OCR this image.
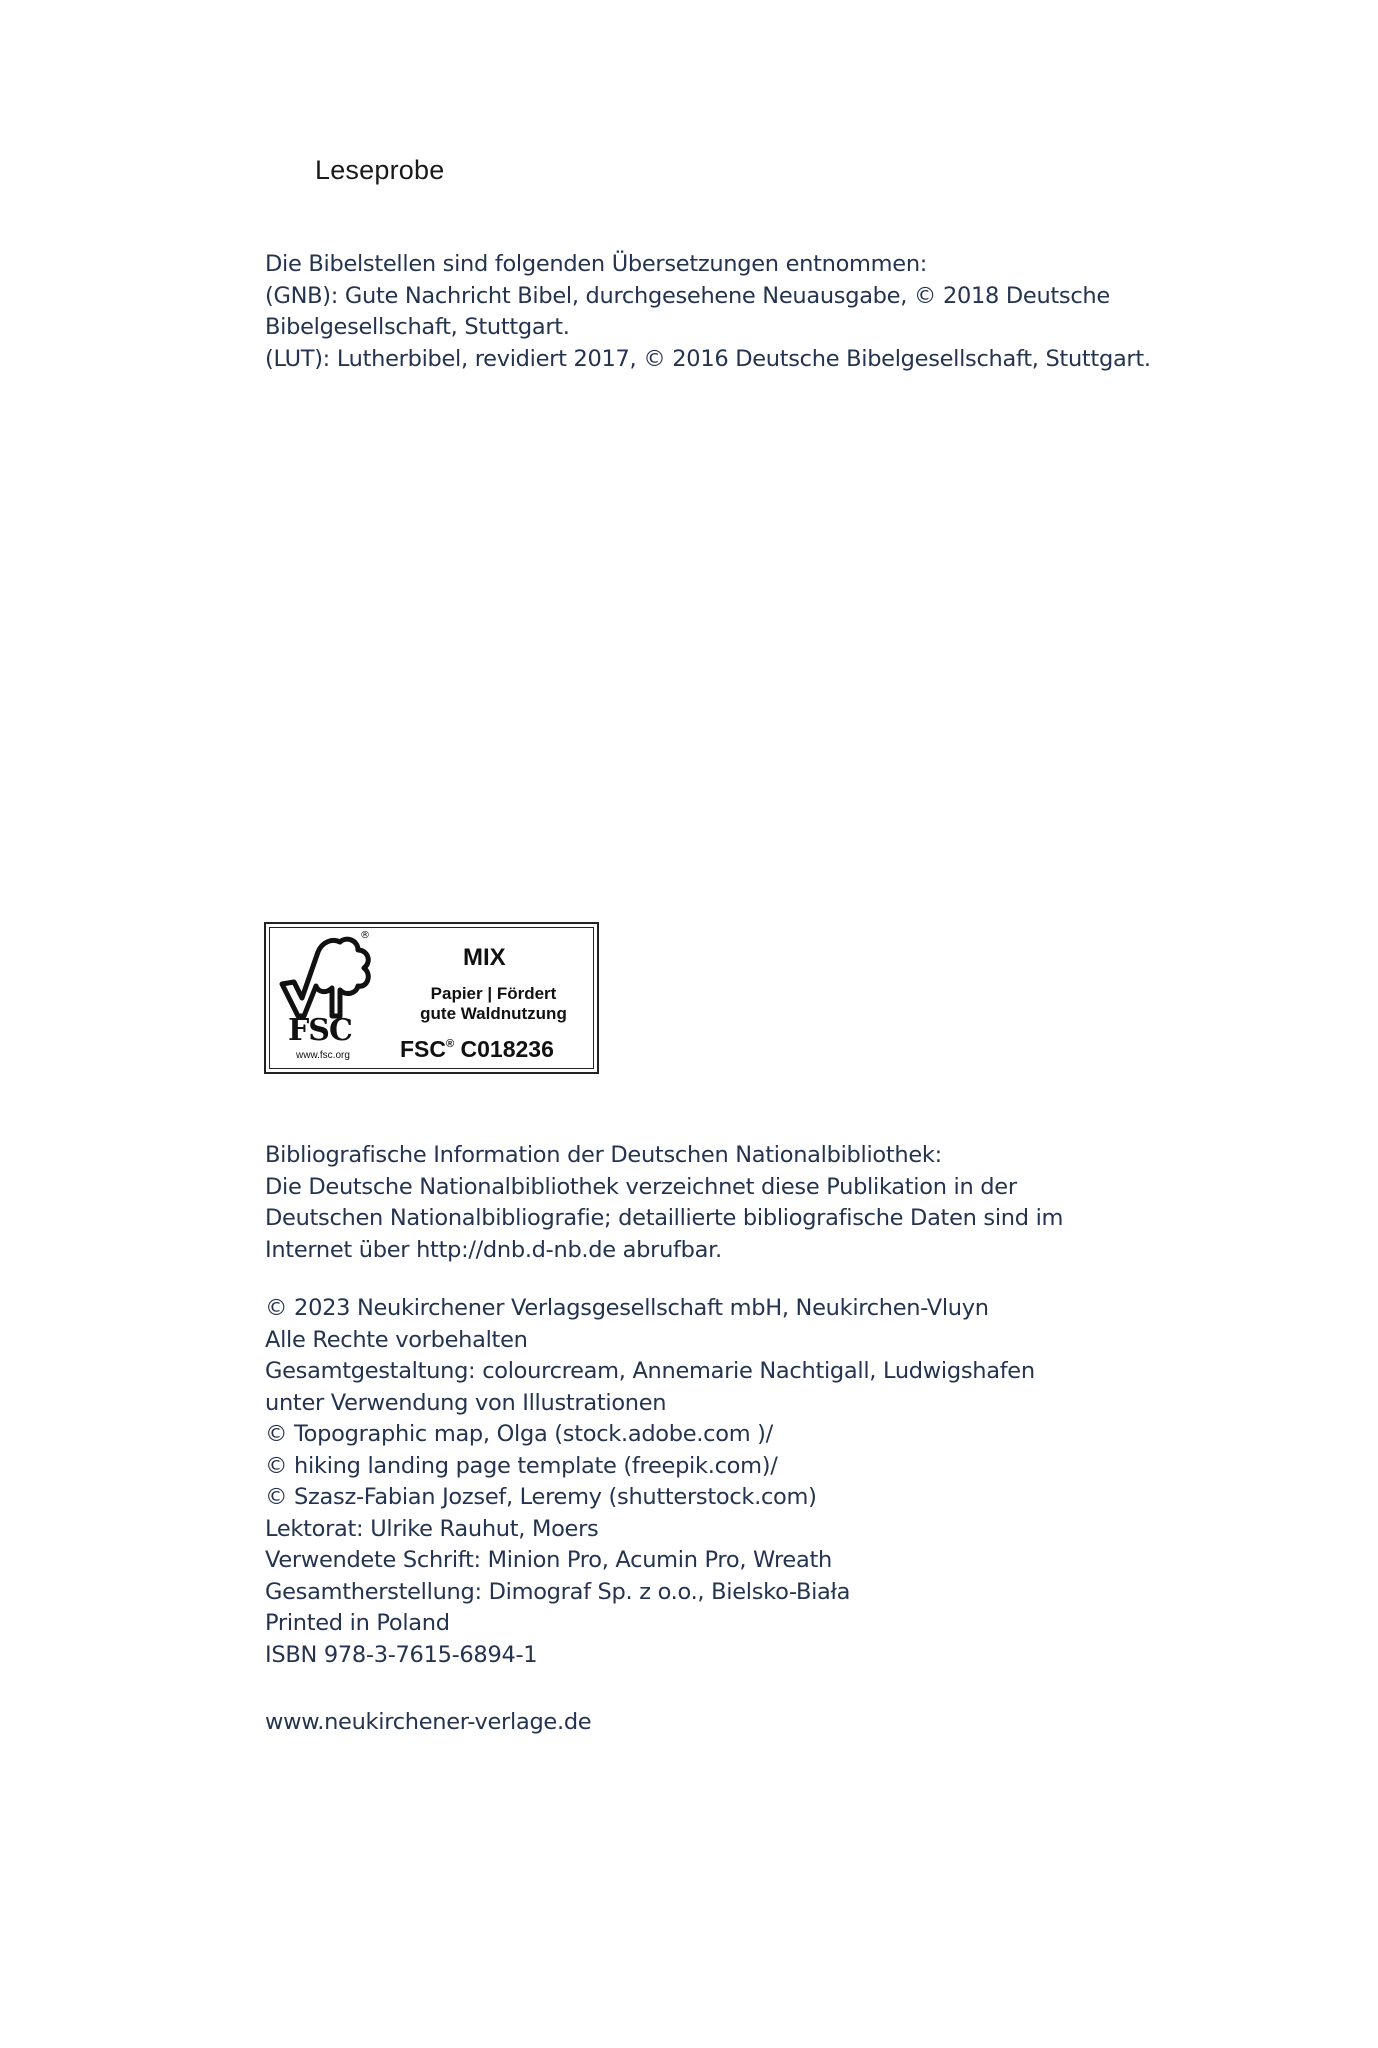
Leseprobe
Die Bibelstellen sind folgenden Übersetzungen entnommen:
(GNB): Gute Nachricht Bibel, durchgesehene Neuausgabe, © 2018 Deutsche
Bibelgesellschaft, Stuttgart.
(LUT): Lutherbibel, revidiert 2017, © 2016 Deutsche Bibelgesellschaft, Stuttgart.
®
FSC
www.fsc.org
MIX
Papier | Fördert
gute Waldnutzung
FSC® C018236
Bibliografische Information der Deutschen Nationalbibliothek:
Die Deutsche Nationalbibliothek verzeichnet diese Publikation in der
Deutschen Nationalbibliografie; detaillierte bibliografische Daten sind im
Internet über http://dnb.d-nb.de abrufbar.
© 2023 Neukirchener Verlagsgesellschaft mbH, Neukirchen-Vluyn
Alle Rechte vorbehalten
Gesamtgestaltung: colourcream, Annemarie Nachtigall, Ludwigshafen
unter Verwendung von Illustrationen
© Topographic map, Olga (stock.adobe.com )/
© hiking landing page template (freepik.com)/
© Szasz-Fabian Jozsef, Leremy (shutterstock.com)
Lektorat: Ulrike Rauhut, Moers
Verwendete Schrift: Minion Pro, Acumin Pro, Wreath
Gesamtherstellung: Dimograf Sp. z o.o., Bielsko-Biała
Printed in Poland
ISBN 978-3-7615-6894-1
www.neukirchener-verlage.de
